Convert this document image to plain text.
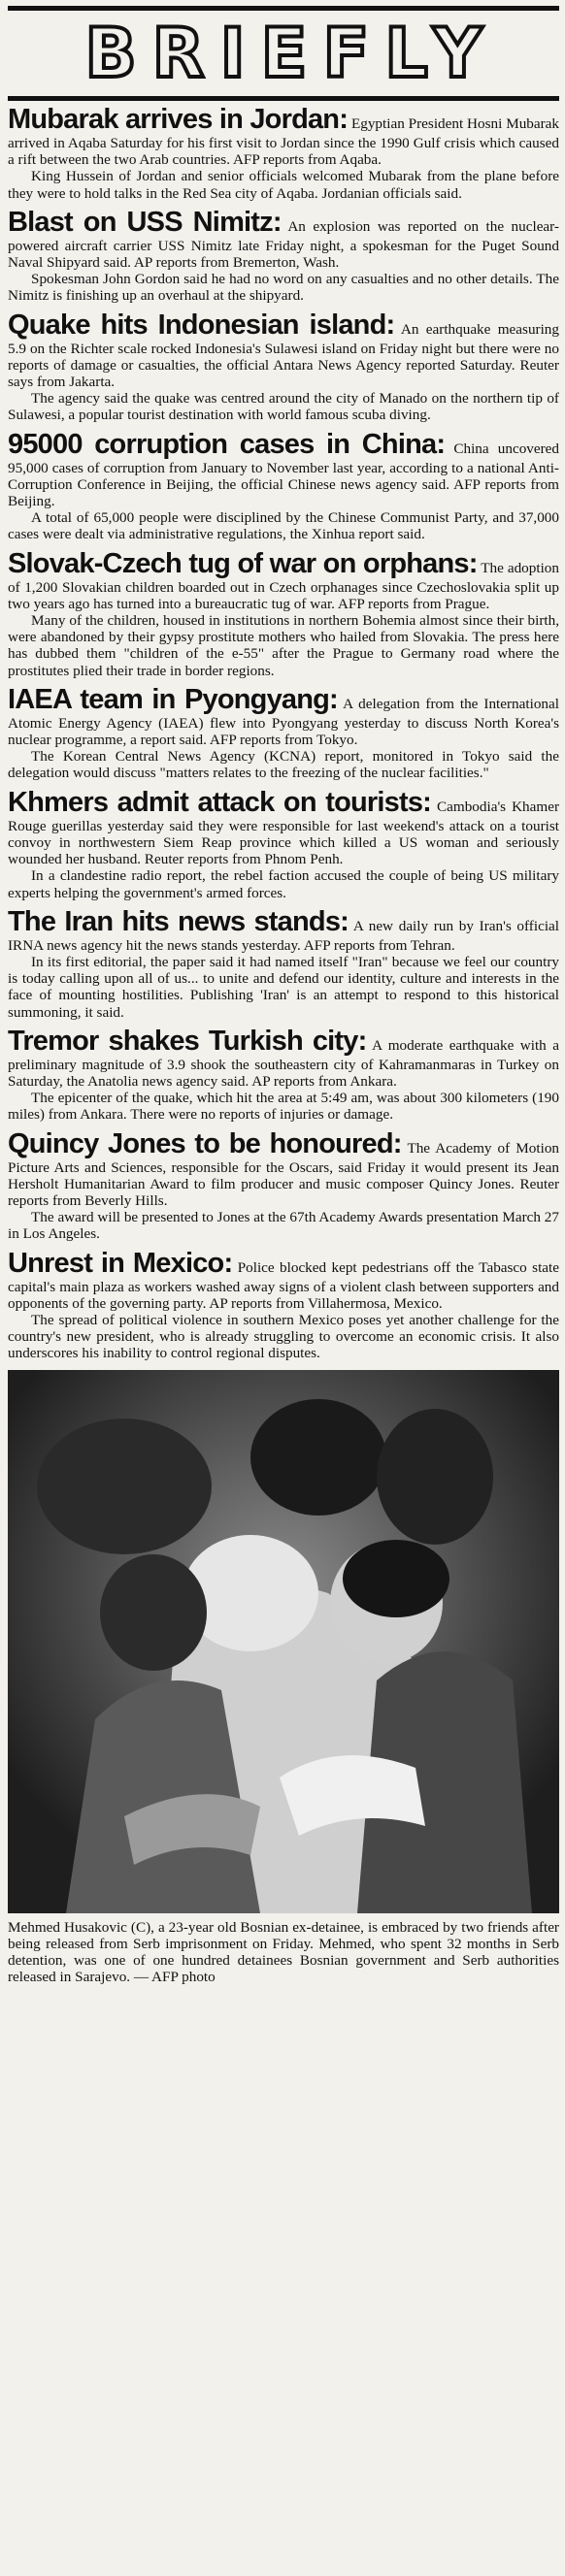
BRIEFLY

Mubarak arrives in Jordan: Egyptian President Hosni Mubarak arrived in Aqaba Saturday for his first visit to Jordan since the 1990 Gulf crisis which caused a rift between the two Arab countries. AFP reports from Aqaba.

King Hussein of Jordan and senior officials welcomed Mubarak from the plane before they were to hold talks in the Red Sea city of Aqaba. Jordanian officials said.

Blast on USS Nimitz: An explosion was reported on the nuclear-powered aircraft carrier USS Nimitz late Friday night, a spokesman for the Puget Sound Naval Shipyard said. AP reports from Bremerton, Wash.

Spokesman John Gordon said he had no word on any casualties and no other details. The Nimitz is finishing up an overhaul at the shipyard.

Quake hits Indonesian island: An earthquake measuring 5.9 on the Richter scale rocked Indonesia's Sulawesi island on Friday night but there were no reports of damage or casualties, the official Antara News Agency reported Saturday. Reuter says from Jakarta.

The agency said the quake was centred around the city of Manado on the northern tip of Sulawesi, a popular tourist destination with world famous scuba diving.

95000 corruption cases in China: China uncovered 95,000 cases of corruption from January to November last year, according to a national Anti-Corruption Conference in Beijing, the official Chinese news agency said. AFP reports from Beijing.

A total of 65,000 people were disciplined by the Chinese Communist Party, and 37,000 cases were dealt via administrative regulations, the Xinhua report said.

Slovak-Czech tug of war on orphans: The adoption of 1,200 Slovakian children boarded out in Czech orphanages since Czechoslovakia split up two years ago has turned into a bureaucratic tug of war. AFP reports from Prague.

Many of the children, housed in institutions in northern Bohemia almost since their birth, were abandoned by their gypsy prostitute mothers who hailed from Slovakia. The press here has dubbed them "children of the e-55" after the Prague to Germany road where the prostitutes plied their trade in border regions.

IAEA team in Pyongyang: A delegation from the International Atomic Energy Agency (IAEA) flew into Pyongyang yesterday to discuss North Korea's nuclear programme, a report said. AFP reports from Tokyo.

The Korean Central News Agency (KCNA) report, monitored in Tokyo said the delegation would discuss "matters relates to the freezing of the nuclear facilities."

Khmers admit attack on tourists: Cambodia's Khamer Rouge guerillas yesterday said they were responsible for last weekend's attack on a tourist convoy in northwestern Siem Reap province which killed a US woman and seriously wounded her husband. Reuter reports from Phnom Penh.

In a clandestine radio report, the rebel faction accused the couple of being US military experts helping the government's armed forces.

The Iran hits news stands: A new daily run by Iran's official IRNA news agency hit the news stands yesterday. AFP reports from Tehran.

In its first editorial, the paper said it had named itself "Iran" because we feel our country is today calling upon all of us... to unite and defend our identity, culture and interests in the face of mounting hostilities. Publishing 'Iran' is an attempt to respond to this historical summoning, it said.

Tremor shakes Turkish city: A moderate earthquake with a preliminary magnitude of 3.9 shook the southeastern city of Kahramanmaras in Turkey on Saturday, the Anatolia news agency said. AP reports from Ankara.

The epicenter of the quake, which hit the area at 5:49 am, was about 300 kilometers (190 miles) from Ankara. There were no reports of injuries or damage.

Quincy Jones to be honoured: The Academy of Motion Picture Arts and Sciences, responsible for the Oscars, said Friday it would present its Jean Hersholt Humanitarian Award to film producer and music composer Quincy Jones. Reuter reports from Beverly Hills.

The award will be presented to Jones at the 67th Academy Awards presentation March 27 in Los Angeles.

Unrest in Mexico: Police blocked kept pedestrians off the Tabasco state capital's main plaza as workers washed away signs of a violent clash between supporters and opponents of the governing party. AP reports from Villahermosa, Mexico.

The spread of political violence in southern Mexico poses yet another challenge for the country's new president, who is already struggling to overcome an economic crisis. It also underscores his inability to control regional disputes.

Mehmed Husakovic (C), a 23-year old Bosnian ex-detainee, is embraced by two friends after being released from Serb imprisonment on Friday. Mehmed, who spent 32 months in Serb detention, was one of one hundred detainees Bosnian government and Serb authorities released in Sarajevo. — AFP photo
